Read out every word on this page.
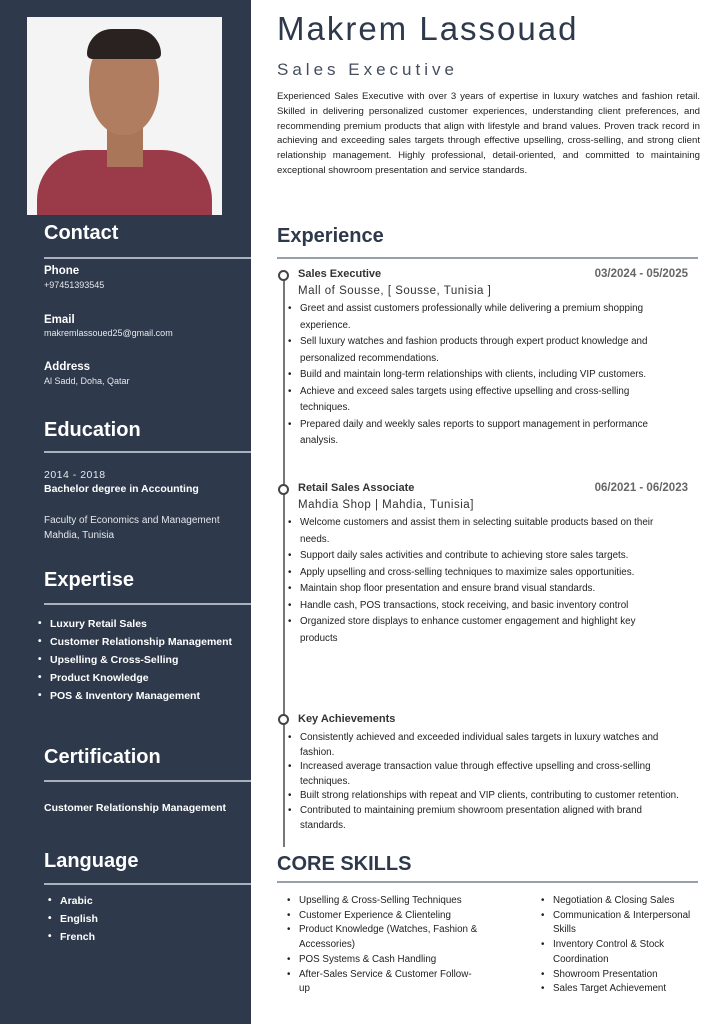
Contact
Phone
+97451393545
Email
makremlassoued25@gmail.com
Address
Al Sadd, Doha, Qatar
Education
2014 - 2018
Bachelor degree in Accounting
Faculty of Economics and Management
Mahdia, Tunisia
Expertise
• Luxury Retail Sales
• Customer Relationship Management
• Upselling & Cross-Selling
• Product Knowledge
• POS & Inventory Management
Certification
Customer Relationship Management
Language
• Arabic
• English
• French
Makrem Lassouad
Sales Executive
Experienced Sales Executive with over 3 years of expertise in luxury watches and fashion retail. Skilled in delivering personalized customer experiences, understanding client preferences, and recommending premium products that align with lifestyle and brand values. Proven track record in achieving and exceeding sales targets through effective upselling, cross-selling, and strong client relationship management. Highly professional, detail-oriented, and committed to maintaining exceptional showroom presentation and service standards.
Experience
Sales Executive	03/2024 - 05/2025
Mall of Sousse, [ Sousse, Tunisia ]
• Greet and assist customers professionally while delivering a premium shopping experience.
• Sell luxury watches and fashion products through expert product knowledge and personalized recommendations.
• Build and maintain long-term relationships with clients, including VIP customers.
• Achieve and exceed sales targets using effective upselling and cross-selling techniques.
• Prepared daily and weekly sales reports to support management in performance analysis.
Retail Sales Associate	06/2021 - 06/2023
Mahdia Shop | Mahdia, Tunisia]
• Welcome customers and assist them in selecting suitable products based on their needs.
• Support daily sales activities and contribute to achieving store sales targets.
• Apply upselling and cross-selling techniques to maximize sales opportunities.
• Maintain shop floor presentation and ensure brand visual standards.
• Handle cash, POS transactions, stock receiving, and basic inventory control
• Organized store displays to enhance customer engagement and highlight key products
Key Achievements
• Consistently achieved and exceeded individual sales targets in luxury watches and fashion.
• Increased average transaction value through effective upselling and cross-selling techniques.
• Built strong relationships with repeat and VIP clients, contributing to customer retention.
• Contributed to maintaining premium showroom presentation aligned with brand standards.
CORE SKILLS
• Upselling & Cross-Selling Techniques
• Customer Experience & Clienteling
• Product Knowledge (Watches, Fashion & Accessories)
• POS Systems & Cash Handling
• After-Sales Service & Customer Follow-up
• Negotiation & Closing Sales
• Communication & Interpersonal Skills
• Inventory Control & Stock Coordination
• Showroom Presentation
• Sales Target Achievement
